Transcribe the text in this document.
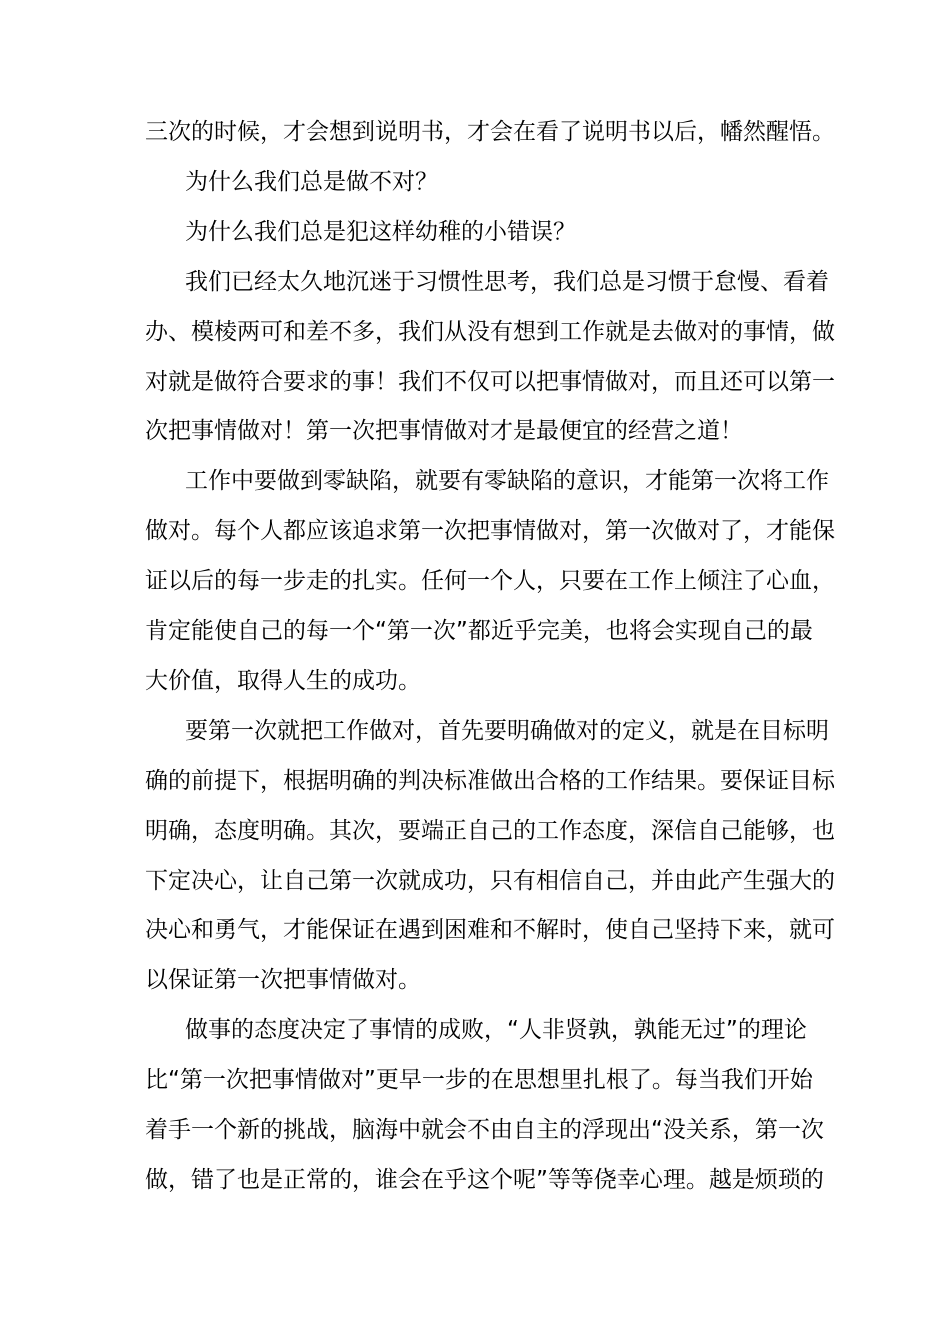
三次的时候，才会想到说明书，才会在看了说明书以后，幡然醒悟。
为什么我们总是做不对？
为什么我们总是犯这样幼稚的小错误？
我们已经太久地沉迷于习惯性思考，我们总是习惯于怠慢、看着
办、模棱两可和差不多，我们从没有想到工作就是去做对的事情，做
对就是做符合要求的事！我们不仅可以把事情做对，而且还可以第一
次把事情做对！第一次把事情做对才是最便宜的经营之道！
工作中要做到零缺陷，就要有零缺陷的意识，才能第一次将工作
做对。每个人都应该追求第一次把事情做对，第一次做对了，才能保
证以后的每一步走的扎实。任何一个人，只要在工作上倾注了心血，
肯定能使自己的每一个“第一次”都近乎完美，也将会实现自己的最
大价值，取得人生的成功。
要第一次就把工作做对，首先要明确做对的定义，就是在目标明
确的前提下，根据明确的判决标准做出合格的工作结果。要保证目标
明确，态度明确。其次，要端正自己的工作态度，深信自己能够，也
下定决心，让自己第一次就成功，只有相信自己，并由此产生强大的
决心和勇气，才能保证在遇到困难和不解时，使自己坚持下来，就可
以保证第一次把事情做对。
做事的态度决定了事情的成败，“人非贤孰，孰能无过”的理论
比“第一次把事情做对”更早一步的在思想里扎根了。每当我们开始
着手一个新的挑战，脑海中就会不由自主的浮现出“没关系，第一次
做，错了也是正常的，谁会在乎这个呢”等等侥幸心理。越是烦琐的
